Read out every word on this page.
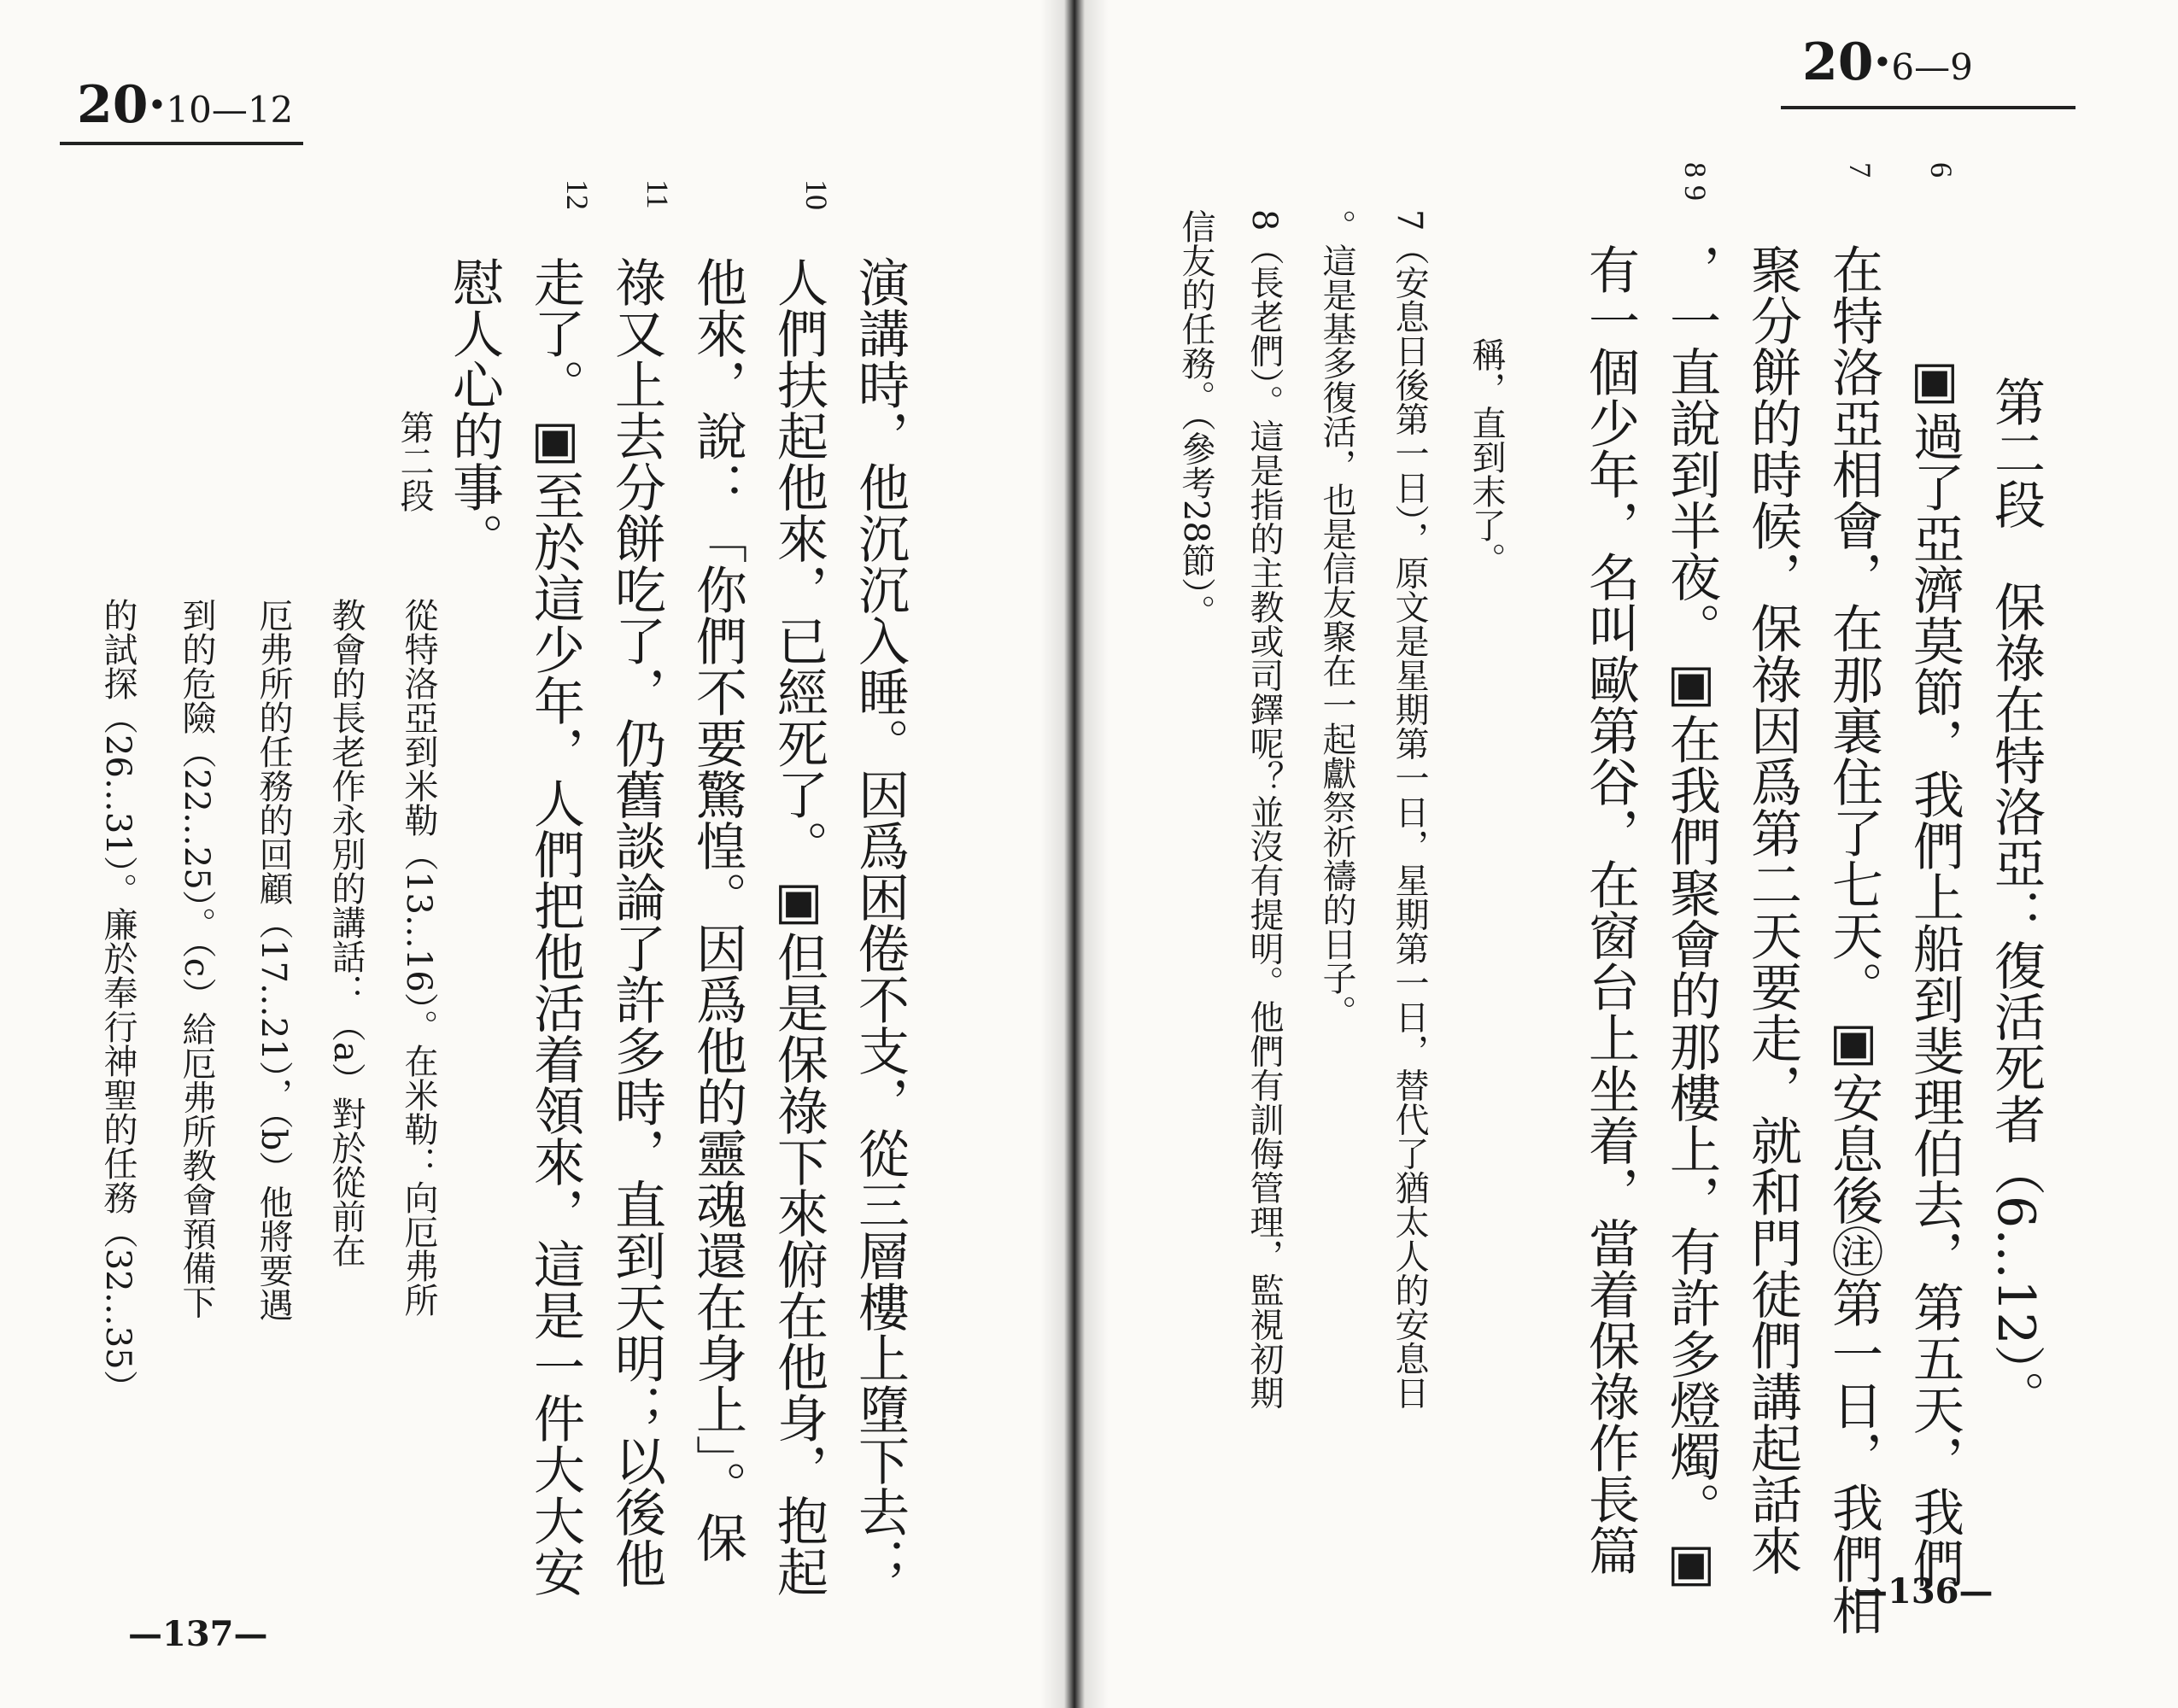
20·10—12
10
11
12
演講時，他沉沉入睡。因爲困倦不支，從三層樓上墮下去；
人們扶起他來，已經死了。▣但是保祿下來俯在他身，抱起
他來，說：「你們不要驚惶。因爲他的靈魂還在身上」。保
祿又上去分餅吃了，仍舊談論了許多時，直到天明；以後他
走了。▣至於這少年，人們把他活着領來，這是一件大大安
慰人心的事。
第二段
從特洛亞到米勒（13…16）。在米勒：向厄弗所
教會的長老作永別的講話：（a）對於從前在
厄弗所的任務的回顧（17…21），（b）他將要遇
到的危險（22…25）。（c）給厄弗所教會預備下
的試探（26…31）。廉於奉行神聖的任務（32…35）
—137—
20·6—9
6
7
8 9
第二段　保祿在特洛亞：復活死者（6…12）。
▣過了亞濟莫節，我們上船到斐理伯去，第五天，我們
在特洛亞相會，在那裏住了七天。▣安息後㊟第一日，我們相
聚分餅的時候，保祿因爲第二天要走，就和門徒們講起話來
，一直說到半夜。▣在我們聚會的那樓上，有許多燈燭。▣
有一個少年，名叫歐第谷，在窗台上坐着，當着保祿作長篇
稱，直到末了。
7（安息日後第一日），原文是星期第一日，星期第一日，替代了猶太人的安息日
。這是基多復活，也是信友聚在一起獻祭祈禱的日子。
8（長老們）。這是指的主教或司鐸呢？並沒有提明。他們有訓侮管理，監視初期
信友的任務。（參考28節）。
—136—
